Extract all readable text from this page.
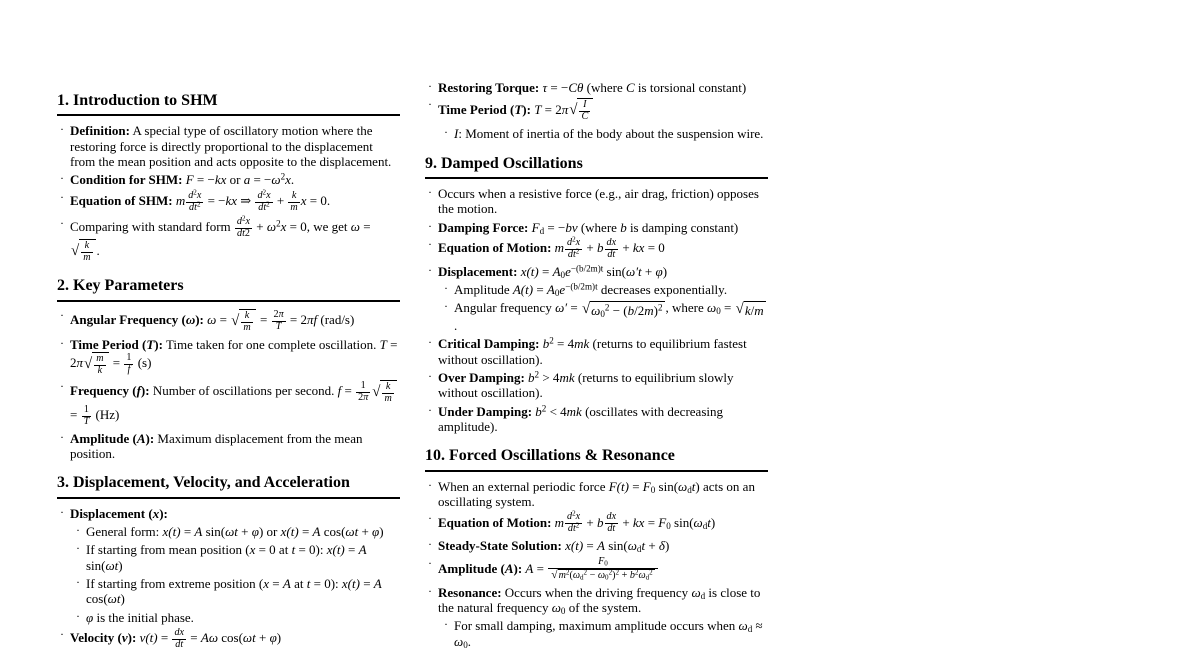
1. Introduction to SHM
· Definition: A special type of oscillatory motion where the restoring force is directly proportional to the displacement from the mean position and acts opposite to the displacement.
· Condition for SHM: F = −kx or $a = -\omega^2x$.
· Equation of SHM: m $\frac{d^2x}{dt^2} = -kx$ ⇒ $\frac{d^2x}{dt^2} + \frac{k}{m}$ x = 0.
· Comparing with standard form $\frac{d^2x}{dt2} + \omega^2x = 0$, we get ω =
√ $\frac{k}{m}$ .
2. Key Parameters
· Angular Frequency (ω): ω = √ $\frac{k}{m} = \frac{2\pi}{T} = 2\pi f$ (rad/s)
· Time Period (T): Time taken for one complete oscillation. T = 2π √ $\frac{m}{k} = \frac{1}{f} (s)$
· Frequency (f): Number of oscillations per second. $f = \frac{1}{2\pi}$ √ $\frac{k}{m}$
= $\frac{1}{T} (Hz)$
· Amplitude (A): Maximum displacement from the mean position.
3. Displacement, Velocity, and Acceleration
· Displacement (x):
· General form: x(t) = A sin(ωt + φ) or x(t) = A cos(ωt + φ)
· If starting from mean position (x = 0 at t = 0): x(t) = A sin(ωt)
· If starting from extreme position (x = A at t = 0): x(t) = A cos(ωt)
· φ is the initial phase.
· Velocity (v): $v(t) = \frac{dx}{dt} = A\omega$ cos(ωt + φ)
· Restoring Torque: τ = −Cθ (where C is torsional constant)
· Time Period (T): T = 2π √ $\frac{I}{C}$
· I: Moment of inertia of the body about the suspension wire.
9. Damped Oscillations
· Occurs when a resistive force (e.g., air drag, friction) opposes the motion.
· Damping Force: Fd = −bv (where b is damping constant)
· Equation of Motion: m $\frac{d^2x}{dt^2} + b \frac{dx}{dt}$ + kx = 0
· Displacement: $x(t) = A0e^{-(b/2m)t}$ sin(ω′t + φ)
· Amplitude $A(t) = A0e^{-(b/2m)t}$ decreases exponentially.
· Angular frequency ω′ = √ $\omega 0^2 - (b/2m)^2$ , where ω0 = √ k/m
.
· Critical Damping: $b^2 = 4mk$ (returns to equilibrium fastest without oscillation).
· Over Damping: $b^2 > 4mk$ (returns to equilibrium slowly without oscillation).
· Under Damping: $b^2 < 4mk$ (oscillates with decreasing amplitude).
10. Forced Oscillations & Resonance
· When an external periodic force F(t) = F0 sin(ωdt) acts on an oscillating system.
· Equation of Motion: m $\frac{d^2x}{dt^2} + b \frac{dx}{dt}$ + kx = F0 sin(ωdt)
· Steady-State Solution: x(t) = A sin(ωdt + δ)
· Amplitude (A): $A = \frac{F0}{√ m^2(\omega d^2 - \omega 0^2)^2 + b^2\omega d^2}$
· Resonance: Occurs when the driving frequency ωd is close to the natural frequency ω0 of the system.
· For small damping, maximum amplitude occurs when ωd ≈ ω0.
